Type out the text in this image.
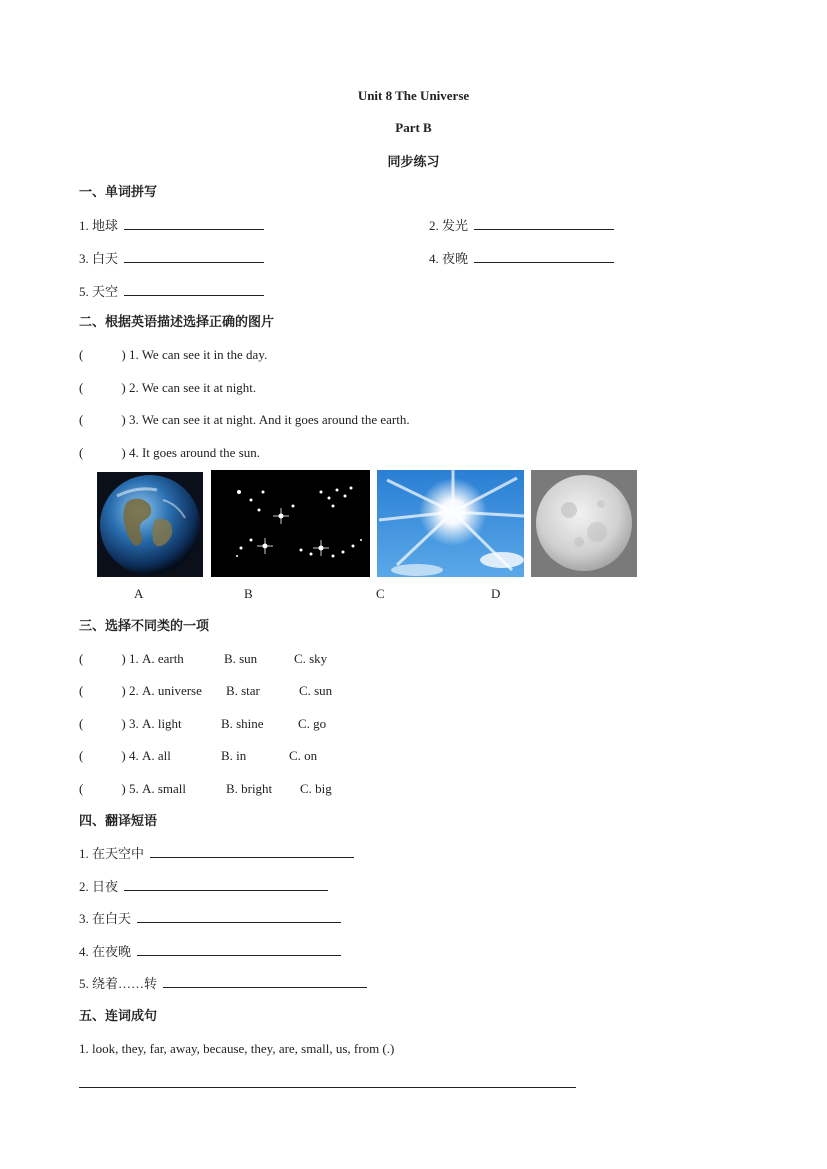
Unit 8 The Universe
Part B
同步练习
一、单词拼写
1. 地球	2. 发光
3. 白天	4. 夜晚
5. 天空
二、根据英语描述选择正确的图片
(	) 1. We can see it in the day.
(	) 2. We can see it at night.
(	) 3. We can see it at night. And it goes around the earth.
(	) 4. It goes around the sun.
A	B	C	D
三、选择不同类的一项
(	) 1. A. earth	B. sun	C. sky
(	) 2. A. universe B. star	C. sun
(	) 3. A. light	B. shine	C. go
(	) 4. A. all	B. in	C. on
(	) 5. A. small	B. bright C. big
四、翻译短语
1. 在天空中
2. 日夜
3. 在白天
4. 在夜晚
5. 绕着……转
五、连词成句
1. look, they, far, away, because, they, are, small, us, from (.)
